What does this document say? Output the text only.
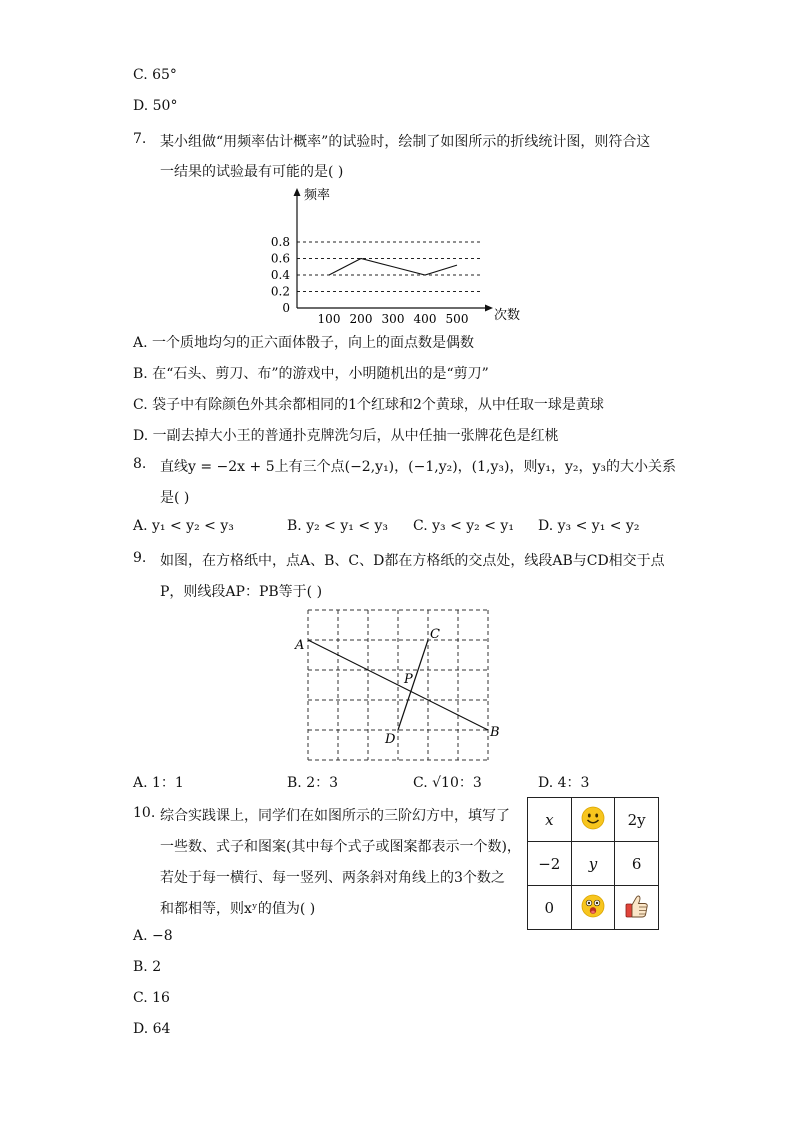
C. 65°
D. 50°
7. 某小组做“用频率估计概率”的试验时，绘制了如图所示的折线统计图，则符合这
一结果的试验最有可能的是( )
频率
次数
0
0.2
0.4
0.6
0.8
100 200 300 400 500
A. 一个质地均匀的正六面体骰子，向上的面点数是偶数
B. 在“石头、剪刀、布”的游戏中，小明随机出的是“剪刀”
C. 袋子中有除颜色外其余都相同的1个红球和2个黄球，从中任取一球是黄球
D. 一副去掉大小王的普通扑克牌洗匀后，从中任抽一张牌花色是红桃
8. 直线y = −2x + 5上有三个点(−2,y₁)，(−1,y₂)，(1,y₃)，则y₁，y₂，y₃的大小关系
是( )
A. y₁ < y₂ < y₃	B. y₂ < y₁ < y₃ C. y₃ < y₂ < y₁ D. y₃ < y₁ < y₂
9. 如图，在方格纸中，点A、B、C、D都在方格纸的交点处，线段AB与CD相交于点
P，则线段AP：PB等于( )
A
B
C
D
P
A. 1：1	B. 2：3	C. √10：3	D. 4：3
10. 综合实践课上，同学们在如图所示的三阶幻方中，填写了
一些数、式子和图案(其中每个式子或图案都表示一个数)，
若处于每一横行、每一竖列、两条斜对角线上的3个数之
和都相等，则xʸ的值为( )
x		2y
−2	y	6
0		
A. −8
B. 2
C. 16
D. 64
